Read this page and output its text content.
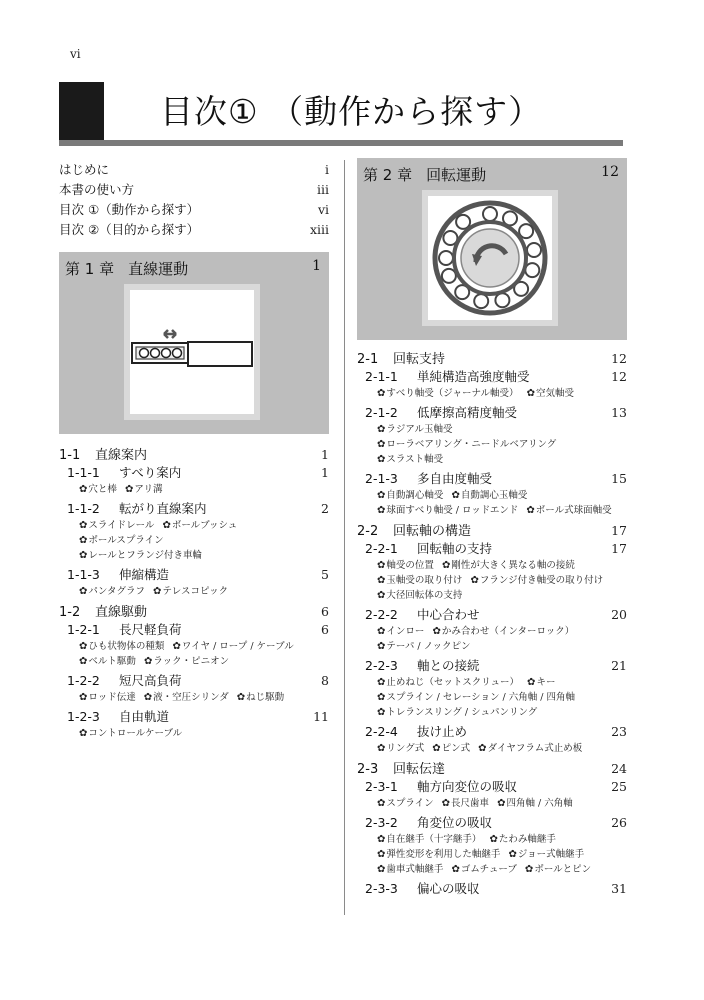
vi
目次① （動作から探す）
はじめに	i
本書の使い方	iii
目次 ①（動作から探す）	vi
目次 ②（目的から探す）	xiii
第 1 章 直線運動	1
1-1 直線案内	1
1-1-1 すべり案内	1
✿穴と棒 ✿アリ溝
1-1-2 転がり直線案内	2
✿スライドレール ✿ボールブッシュ
✿ボールスプライン
✿レールとフランジ付き車輪
1-1-3 伸縮構造	5
✿パンタグラフ ✿テレスコピック
1-2 直線駆動	6
1-2-1 長尺軽負荷	6
✿ひも状物体の種類 ✿ワイヤ / ロープ / ケーブル
✿ベルト駆動 ✿ラック・ピニオン
1-2-2 短尺高負荷	8
✿ロッド伝達 ✿液・空圧シリンダ ✿ねじ駆動
1-2-3 自由軌道	11
✿コントロールケーブル
第 2 章 回転運動	12
2-1 回転支持	12
2-1-1 単純構造高強度軸受	12
✿すべり軸受（ジャーナル軸受） ✿空気軸受
2-1-2 低摩擦高精度軸受	13
✿ラジアル玉軸受 ✿ローラベアリング・ニードルベアリング
✿スラスト軸受
2-1-3 多自由度軸受	15
✿自動調心軸受 ✿自動調心玉軸受
✿球面すべり軸受 / ロッドエンド ✿ボール式球面軸受
2-2 回転軸の構造	17
2-2-1 回転軸の支持	17
✿軸受の位置 ✿剛性が大きく異なる軸の接続
✿玉軸受の取り付け ✿フランジ付き軸受の取り付け
✿大径回転体の支持
2-2-2 中心合わせ	20
✿インロー ✿かみ合わせ（インターロック）
✿テーパ / ノックピン
2-2-3 軸との接続	21
✿止めねじ（セットスクリュー） ✿キー
✿スプライン / セレーション / 六角軸 / 四角軸
✿トレランスリング / シュパンリング
2-2-4 抜け止め	23
✿リング式 ✿ピン式 ✿ダイヤフラム式止め板
2-3 回転伝達	24
2-3-1 軸方向変位の吸収	25
✿スプライン ✿長尺歯車 ✿四角軸 / 六角軸
2-3-2 角変位の吸収	26
✿自在継手（十字継手） ✿たわみ軸継手
✿弾性変形を利用した軸継手 ✿ジョー式軸継手
✿歯車式軸継手 ✿ゴムチューブ ✿ボールとピン
2-3-3 偏心の吸収	31
